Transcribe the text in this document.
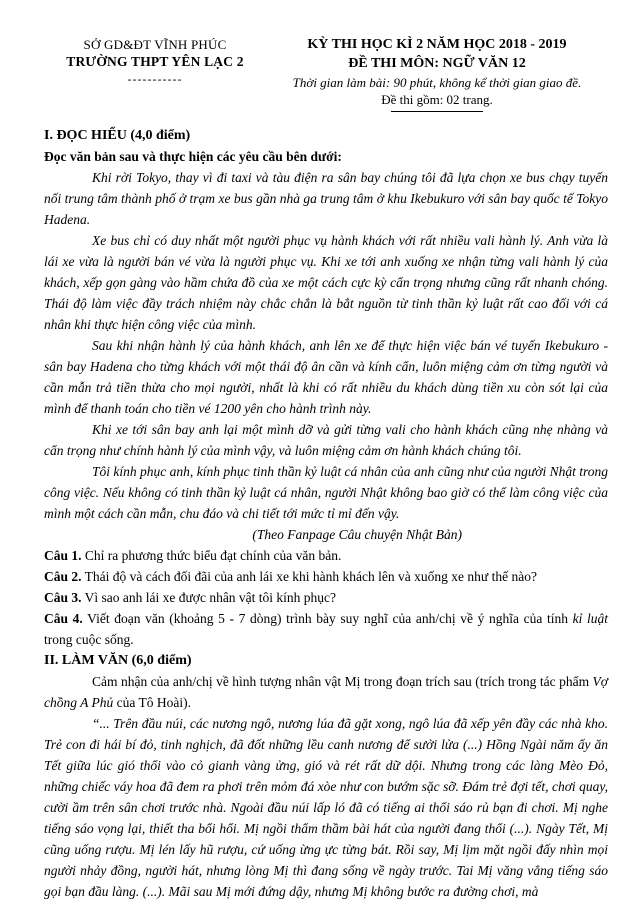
SỞ GD&ĐT VĨNH PHÚC
TRƯỜNG THPT YÊN LẠC 2
-----------
KỲ THI HỌC KÌ 2 NĂM HỌC 2018 - 2019
ĐỀ THI MÔN: NGỮ VĂN 12
Thời gian làm bài: 90 phút, không kể thời gian giao đề.
Đề thi gồm: 02 trang.

I. ĐỌC HIỂU (4,0 điểm)

Đọc văn bản sau và thực hiện các yêu cầu bên dưới:

Khi rời Tokyo, thay vì đi taxi và tàu điện ra sân bay chúng tôi đã lựa chọn xe bus chạy tuyến nối trung tâm thành phố ở trạm xe bus gần nhà ga trung tâm ở khu Ikebukuro với sân bay quốc tế Tokyo Hadena.

Xe bus chỉ có duy nhất một người phục vụ hành khách với rất nhiều vali hành lý. Anh vừa là lái xe vừa là người bán vé vừa là người phục vụ. Khi xe tới anh xuống xe nhận từng vali hành lý của khách, xếp gọn gàng vào hầm chứa đồ của xe một cách cực kỳ cẩn trọng nhưng cũng rất nhanh chóng. Thái độ làm việc đầy trách nhiệm này chắc chắn là bắt nguồn từ tinh thần kỷ luật rất cao đối với cá nhân khi thực hiện công việc của mình.

Sau khi nhận hành lý của hành khách, anh lên xe để thực hiện việc bán vé tuyến Ikebukuro - sân bay Hadena cho từng khách với một thái độ ân cần và kính cẩn, luôn miệng cảm ơn từng người và cần mẫn trả tiền thừa cho mọi người, nhất là khi có rất nhiều du khách dùng tiền xu còn sót lại của mình để thanh toán cho tiền vé 1200 yên cho hành trình này.

Khi xe tới sân bay anh lại một mình dỡ và gửi từng vali cho hành khách cũng nhẹ nhàng và cẩn trọng như chính hành lý của mình vậy, và luôn miệng cảm ơn hành khách chúng tôi.

Tôi kính phục anh, kính phục tinh thần kỷ luật cá nhân của anh cũng như của người Nhật trong công việc. Nếu không có tinh thần kỷ luật cá nhân, người Nhật không bao giờ có thể làm công việc của mình một cách cần mẫn, chu đáo và chi tiết tới mức tỉ mỉ đến vậy.

(Theo Fanpage Câu chuyện Nhật Bản)

Câu 1. Chỉ ra phương thức biểu đạt chính của văn bản.

Câu 2. Thái độ và cách đối đãi của anh lái xe khi hành khách lên và xuống xe như thế nào?

Câu 3. Vì sao anh lái xe được nhân vật tôi kính phục?

Câu 4. Viết đoạn văn (khoảng 5 - 7 dòng) trình bày suy nghĩ của anh/chị về ý nghĩa của tính kỉ luật trong cuộc sống.

II. LÀM VĂN (6,0 điểm)

Cảm nhận của anh/chị về hình tượng nhân vật Mị trong đoạn trích sau (trích trong tác phẩm Vợ chồng A Phủ của Tô Hoài).

“... Trên đầu núi, các nương ngô, nương lúa đã gặt xong, ngô lúa đã xếp yên đầy các nhà kho. Trẻ con đi hái bí đỏ, tinh nghịch, đã đốt những lều canh nương để sưởi lửa (...) Hồng Ngài năm ấy ăn Tết giữa lúc gió thổi vào cỏ gianh vàng ửng, gió và rét rất dữ dội. Nhưng trong các làng Mèo Đỏ, những chiếc váy hoa đã đem ra phơi trên mỏm đá xòe như con bướm sặc sỡ. Đám trẻ đợi tết, chơi quay, cười ầm trên sân chơi trước nhà. Ngoài đầu núi lấp ló đã có tiếng ai thổi sáo rủ bạn đi chơi. Mị nghe tiếng sáo vọng lại, thiết tha bổi hổi. Mị ngồi thẩm thầm bài hát của người đang thổi (...). Ngày Tết, Mị cũng uống rượu. Mị lén lấy hũ rượu, cứ uống ừng ực từng bát. Rồi say, Mị lịm mặt ngồi đấy nhìn mọi người nhảy đồng, người hát, nhưng lòng Mị thì đang sống về ngày trước. Tai Mị văng vẳng tiếng sáo gọi bạn đầu làng. (...). Mãi sau Mị mới đứng dậy, nhưng Mị không bước ra đường chơi, mà
